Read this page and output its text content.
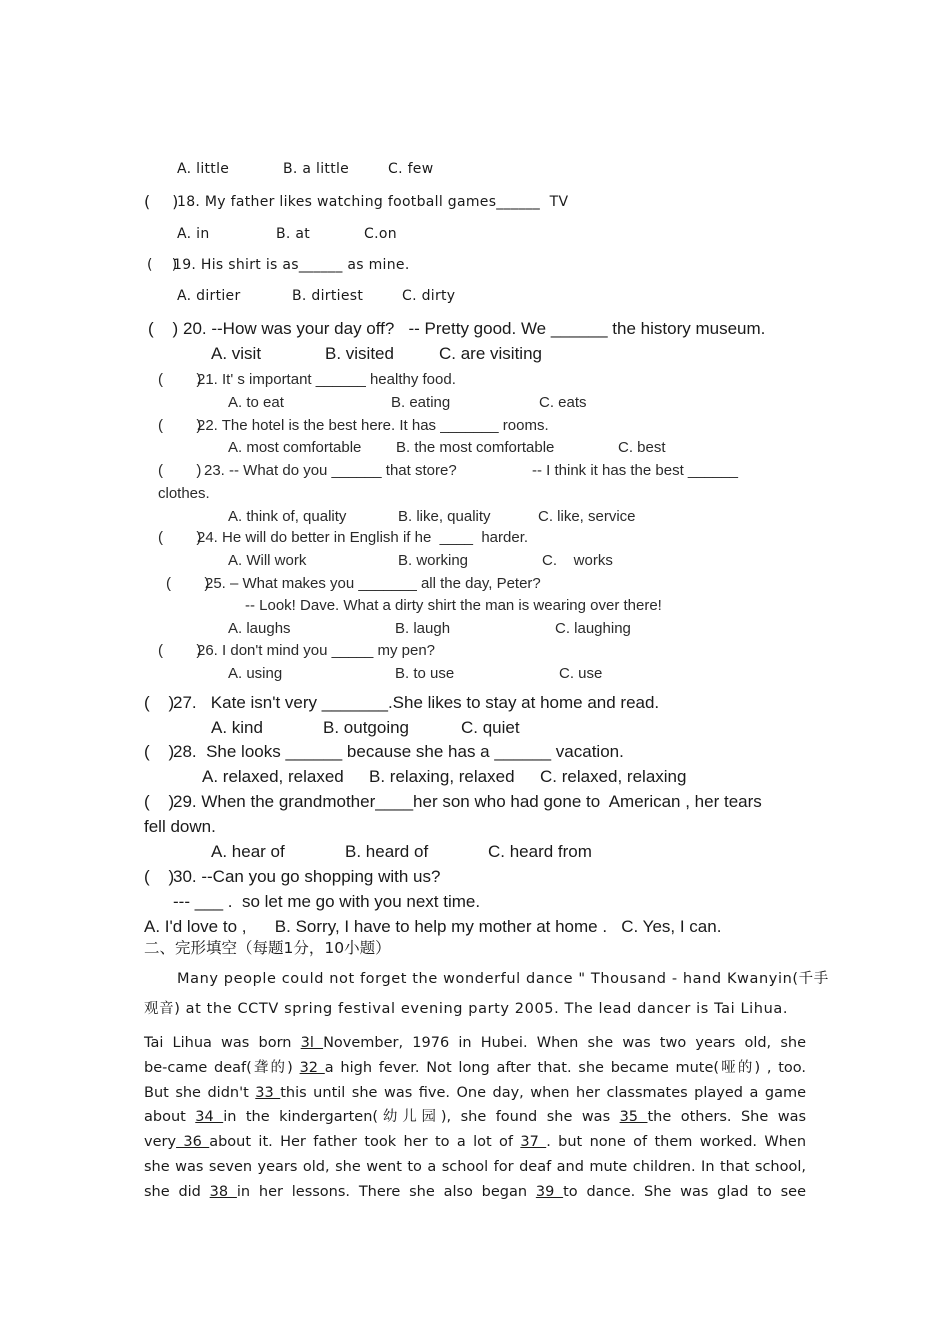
A. little	B. a little	C. few
(    )
18. My father likes watching football games______  TV
A. in	B. at	C.on
(    )
19. His shirt is as______ as mine.
A. dirtier	B. dirtiest	C. dirty
(    ) 20. --How was your day off?   -- Pretty good. We ______ the history museum.
A. visit	B. visited	C. are visiting
(        )
21. It' s important ______ healthy food.
A. to eat	B. eating	C. eats
(        )
22. The hotel is the best here. It has _______ rooms.
A. most comfortable B. the most comfortable	C. best
(        ) 23. -- What do you ______ that store?	-- I think it has the best ______
clothes.
A. think of, quality	B. like, quality	C. like, service
(        )
24. He will do better in English if he  ____  harder.
A. Will work	B. working	C.    works
(        )
25. – What makes you _______ all the day, Peter?
-- Look! Dave. What a dirty shirt the man is wearing over there!
A. laughs	B. laugh	C. laughing
(        )
26. I don't mind you _____ my pen?
A. using	B. to use	C. use
(    )
27.   Kate isn't very _______.She likes to stay at home and read.
A. kind	B. outgoing	C. quiet
(    )
28.  She looks ______ because she has a ______ vacation.
A. relaxed, relaxed B. relaxing, relaxed C. relaxed, relaxing
(    )
29. When the grandmother____her son who had gone to  American , her tears
fell down.
A. hear of	B. heard of	C. heard from
(    )
30. --Can you go shopping with us?
--- ___ .  so let me go with you next time.
A. I'd love to ,      B. Sorry, I have to help my mother at home .   C. Yes, I can.
二、完形填空（每题1分，10小题）
Many people could not forget the wonderful dance " Thousand - hand Kwanyin(千手
观音) at the CCTV spring festival evening party 2005. The lead dancer is Tai Lihua.
Tai Lihua was born 3l November, 1976 in Hubei. When she was two years old, she
be-came deaf(聋的) 32 a high fever. Not long after that. she became mute(哑的) , too.
But she didn't 33 this until she was five. One day, when her classmates played a game
about 34 in the kindergarten(幼儿园), she found she was 35 the others. She was
very 36 about it. Her father took her to a lot of 37 . but none of them worked. When
she was seven years old, she went to a school for deaf and mute children. In that school,
she did 38 in her lessons. There she also began 39 to dance. She was glad to see
